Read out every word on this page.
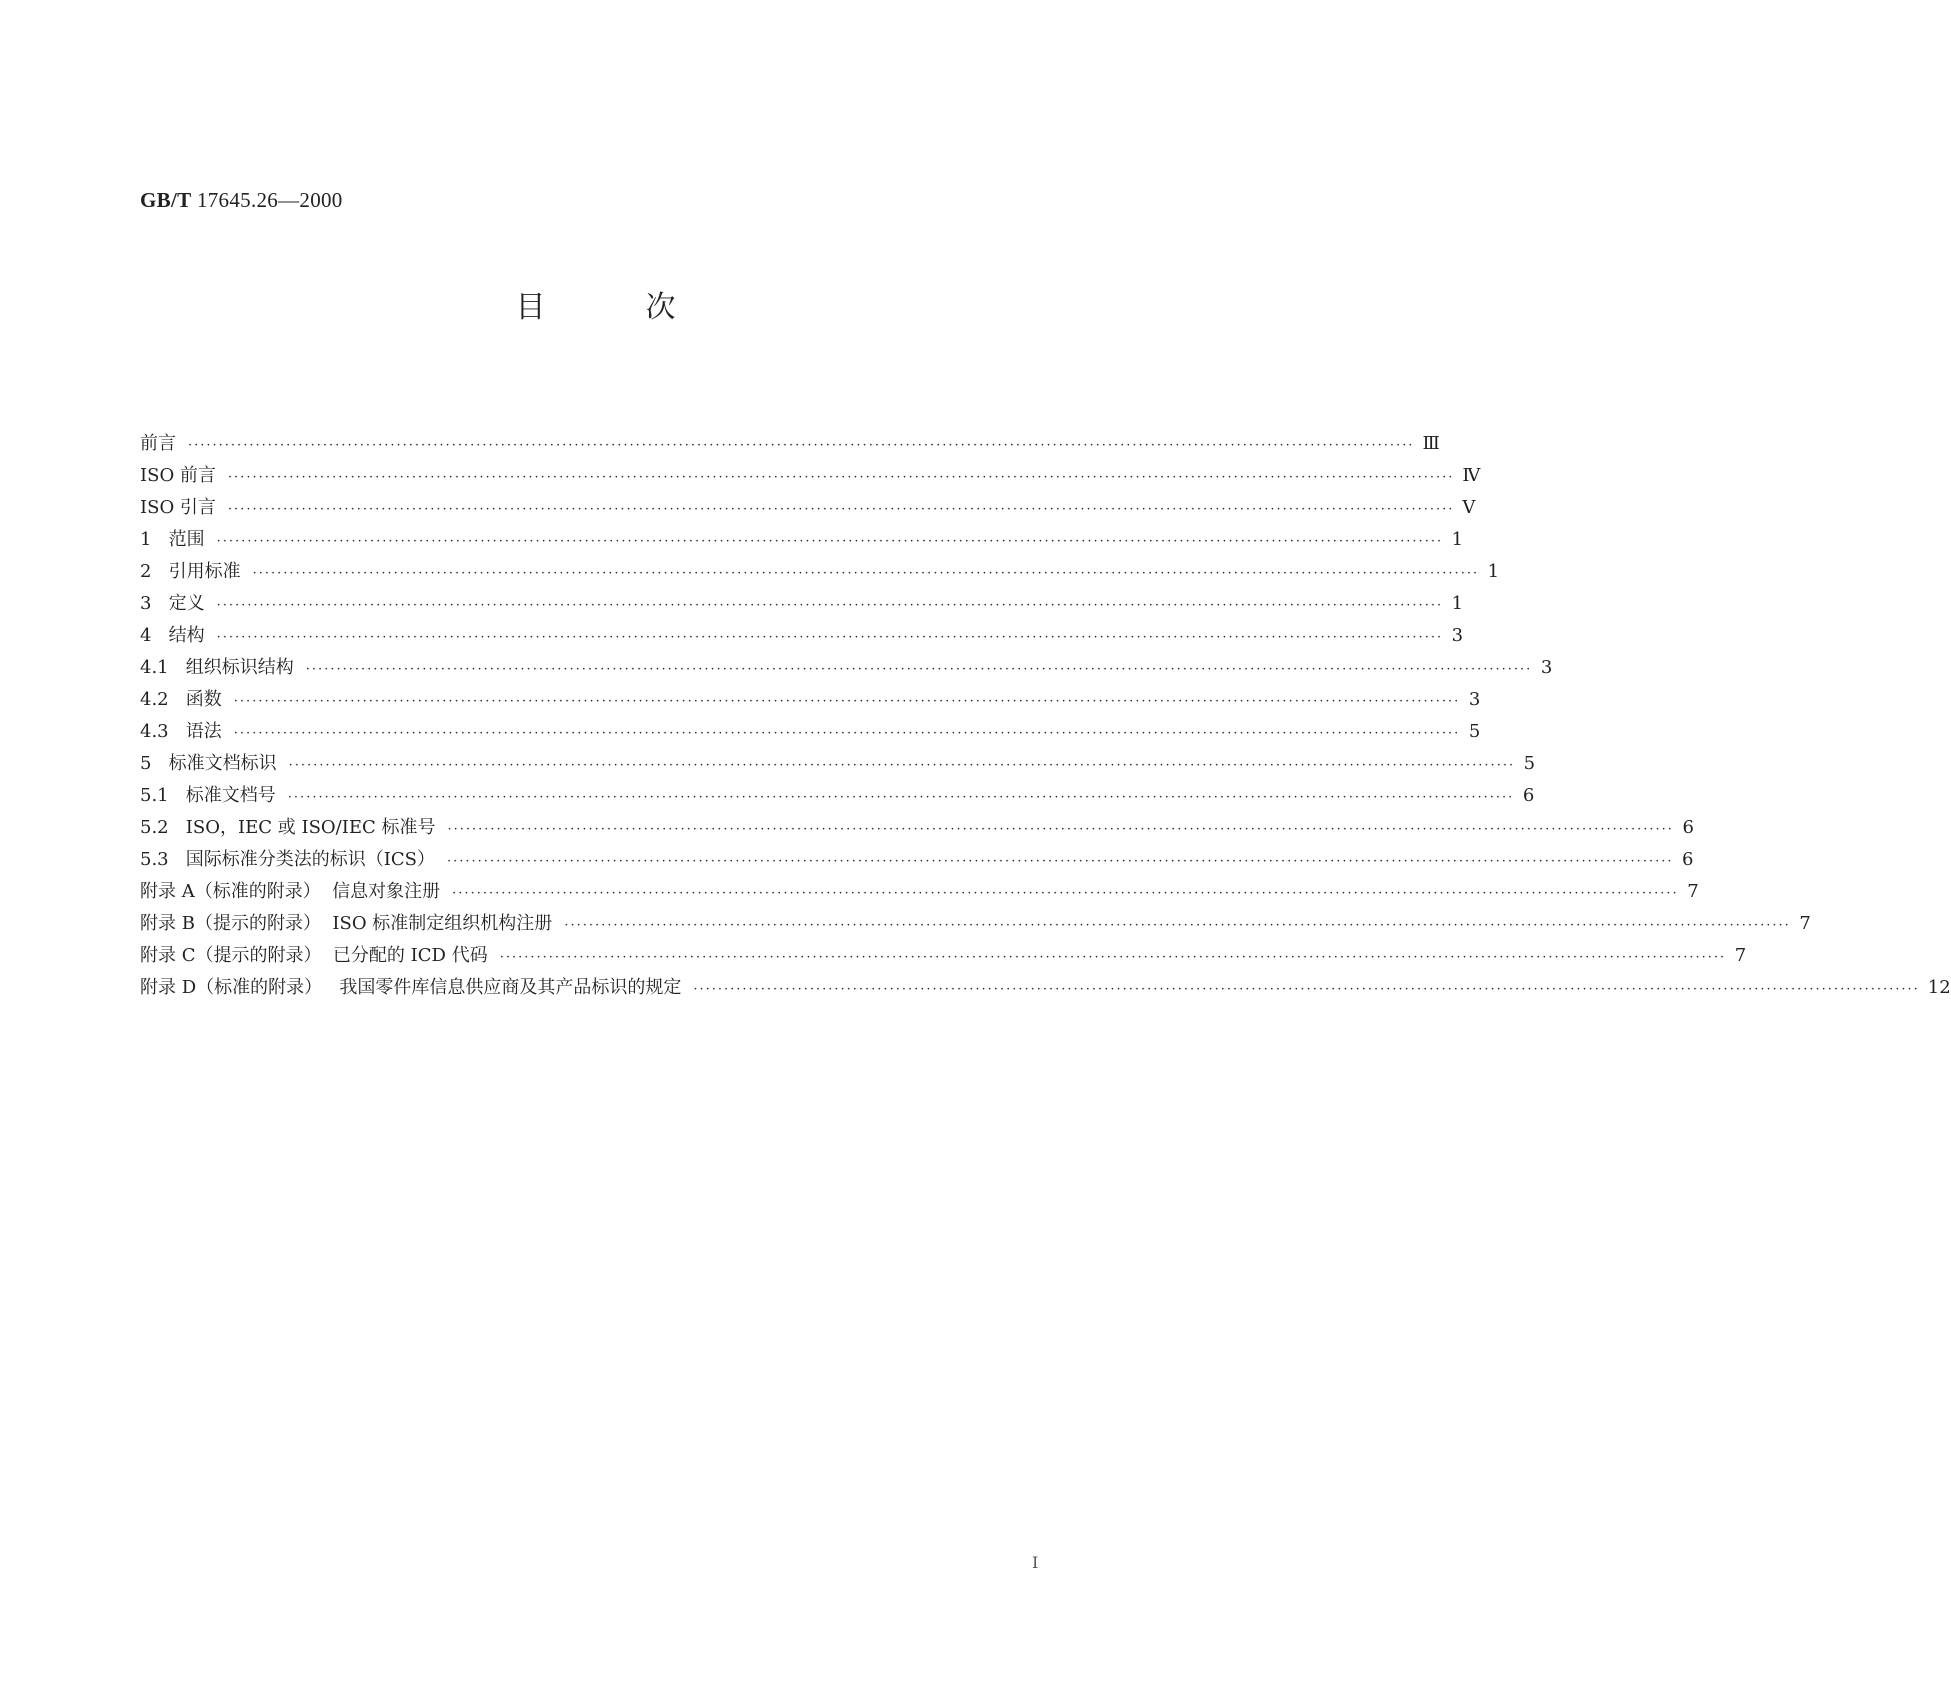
GB/T 17645.26—2000
目	次
前言 ········································································································································································································ Ⅲ
ISO 前言 ········································································································································································································ Ⅳ
ISO 引言 ········································································································································································································ Ⅴ
1   范围 ········································································································································································································ 1
2   引用标准 ········································································································································································································ 1
3   定义 ········································································································································································································ 1
4   结构 ········································································································································································································ 3
4.1   组织标识结构 ········································································································································································································ 3
4.2   函数 ········································································································································································································ 3
4.3   语法 ········································································································································································································ 5
5   标准文档标识 ········································································································································································································ 5
5.1   标准文档号 ········································································································································································································ 6
5.2   ISO，IEC 或 ISO/IEC 标准号 ········································································································································································································ 6
5.3   国际标准分类法的标识（ICS） ········································································································································································································ 6
附录 A（标准的附录）  信息对象注册 ········································································································································································································ 7
附录 B（提示的附录）  ISO 标准制定组织机构注册 ········································································································································································································ 7
附录 C（提示的附录）  已分配的 ICD 代码 ········································································································································································································ 7
附录 D（标准的附录）   我国零件库信息供应商及其产品标识的规定 ········································································································································································································ 12
Ⅰ
